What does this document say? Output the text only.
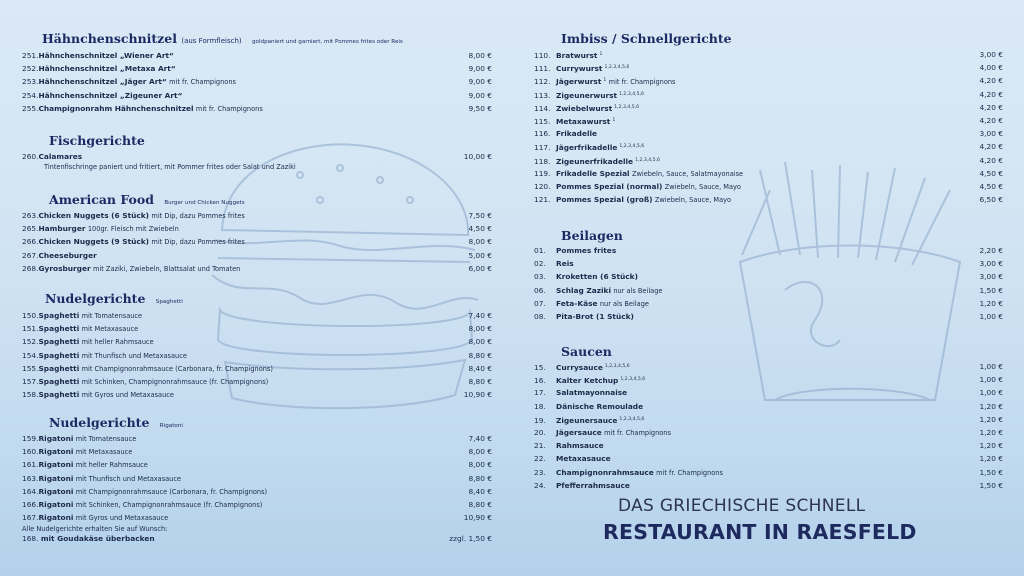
Hähnchenschnitzel (aus Formfleisch) goldpaniert und garniert, mit Pommes frites oder Reis
251.Hähnchenschnitzel „Wiener Art“	8,00 €
252.Hähnchenschnitzel „Metaxa Art“	9,00 €
253.Hähnchenschnitzel „Jäger Art“ mit fr. Champignons	9,00 €
254.Hähnchenschnitzel „Zigeuner Art“	9,00 €
255.Champignonrahm Hähnchenschnitzel mit fr. Champignons	9,50 €
Fischgerichte
260.Calamares	10,00 €
Tintenfischringe paniert und fritiert, mit Pommer frites oder Salat und Zaziki
American Food Burger und Chicken Nuggets
263.Chicken Nuggets (6 Stück) mit Dip, dazu Pommes frites	7,50 €
265.Hamburger 100gr. Fleisch mit Zwiebeln	4,50 €
266.Chicken Nuggets (9 Stück) mit Dip, dazu Pommes frites	8,00 €
267.Cheeseburger	5,00 €
268.Gyrosburger mit Zaziki, Zwiebeln, Blattsalat und Tomaten	6,00 €
Nudelgerichte Spaghetti
150.Spaghetti mit Tomatensauce	7,40 €
151.Spaghetti mit Metaxasauce	8,00 €
152.Spaghetti mit heller Rahmsauce	8,00 €
154.Spaghetti mit Thunfisch und Metaxasauce	8,80 €
155.Spaghetti mit Champignonrahmsauce (Carbonara, fr. Champignons)	8,40 €
157.Spaghetti mit Schinken, Champignonrahmsauce (fr. Champignons)	8,80 €
158.Spaghetti mit Gyros und Metaxasauce	10,90 €
Nudelgerichte Rigatoni
159.Rigatoni mit Tomatensauce	7,40 €
160.Rigatoni mit Metaxasauce	8,00 €
161.Rigatoni mit heller Rahmsauce	8,00 €
163.Rigatoni mit Thunfisch und Metaxasauce	8,80 €
164.Rigatoni mit Champignonrahmsauce (Carbonara, fr. Champignons)	8,40 €
166.Rigatoni mit Schinken, Champignonrahmsauce (fr. Champignons)	8,80 €
167.Rigatoni mit Gyros und Metaxasauce	10,90 €
Alle Nudelgerichte erhalten Sie auf Wunsch:
168. mit Goudakäse überbacken	zzgl. 1,50 €
Imbiss / Schnellgerichte
110. Bratwurst $^1$	3,00 €
111. Currywurst $^{1,2,3,4,5,6}$	4,00 €
112. Jägerwurst $^1$ mit fr. Champignons	4,20 €
113. Zigeunerwurst $^{1,2,3,4,5,6}$	4,20 €
114. Zwiebelwurst $^{1,2,3,4,5,6}$	4,20 €
115. Metaxawurst $^1$	4,20 €
116. Frikadelle	3,00 €
117. Jägerfrikadelle $^{1,2,3,4,5,6}$	4,20 €
118. Zigeunerfrikadelle $^{1,2,3,4,5,6}$	4,20 €
119. Frikadelle Spezial Zwiebeln, Sauce, Salatmayonaise	4,50 €
120. Pommes Spezial (normal) Zwiebeln, Sauce, Mayo	4,50 €
121. Pommes Spezial (groß) Zwiebeln, Sauce, Mayo	6,50 €
Beilagen
01. Pommes frites	2,20 €
02. Reis	3,00 €
03. Kroketten (6 Stück)	3,00 €
06. Schlag Zaziki nur als Beilage	1,50 €
07. Feta-Käse nur als Beilage	1,20 €
08. Pita-Brot (1 Stück)	1,00 €
Saucen
15. Currysauce $^{1,2,3,4,5,6}$	1,00 €
16. Kalter Ketchup $^{1,2,3,4,5,6}$	1,00 €
17. Salatmayonnaise	1,00 €
18. Dänische Remoulade	1,20 €
19. Zigeunersauce $^{1,2,3,4,5,6}$	1,20 €
20. Jägersauce mit fr. Champignons	1,20 €
21. Rahmsauce	1,20 €
22. Metaxasauce	1,20 €
23. Champignonrahmsauce mit fr. Champignons	1,50 €
24. Pfefferrahmsauce	1,50 €
DAS GRIECHISCHE SCHNELL
RESTAURANT IN RAESFELD
